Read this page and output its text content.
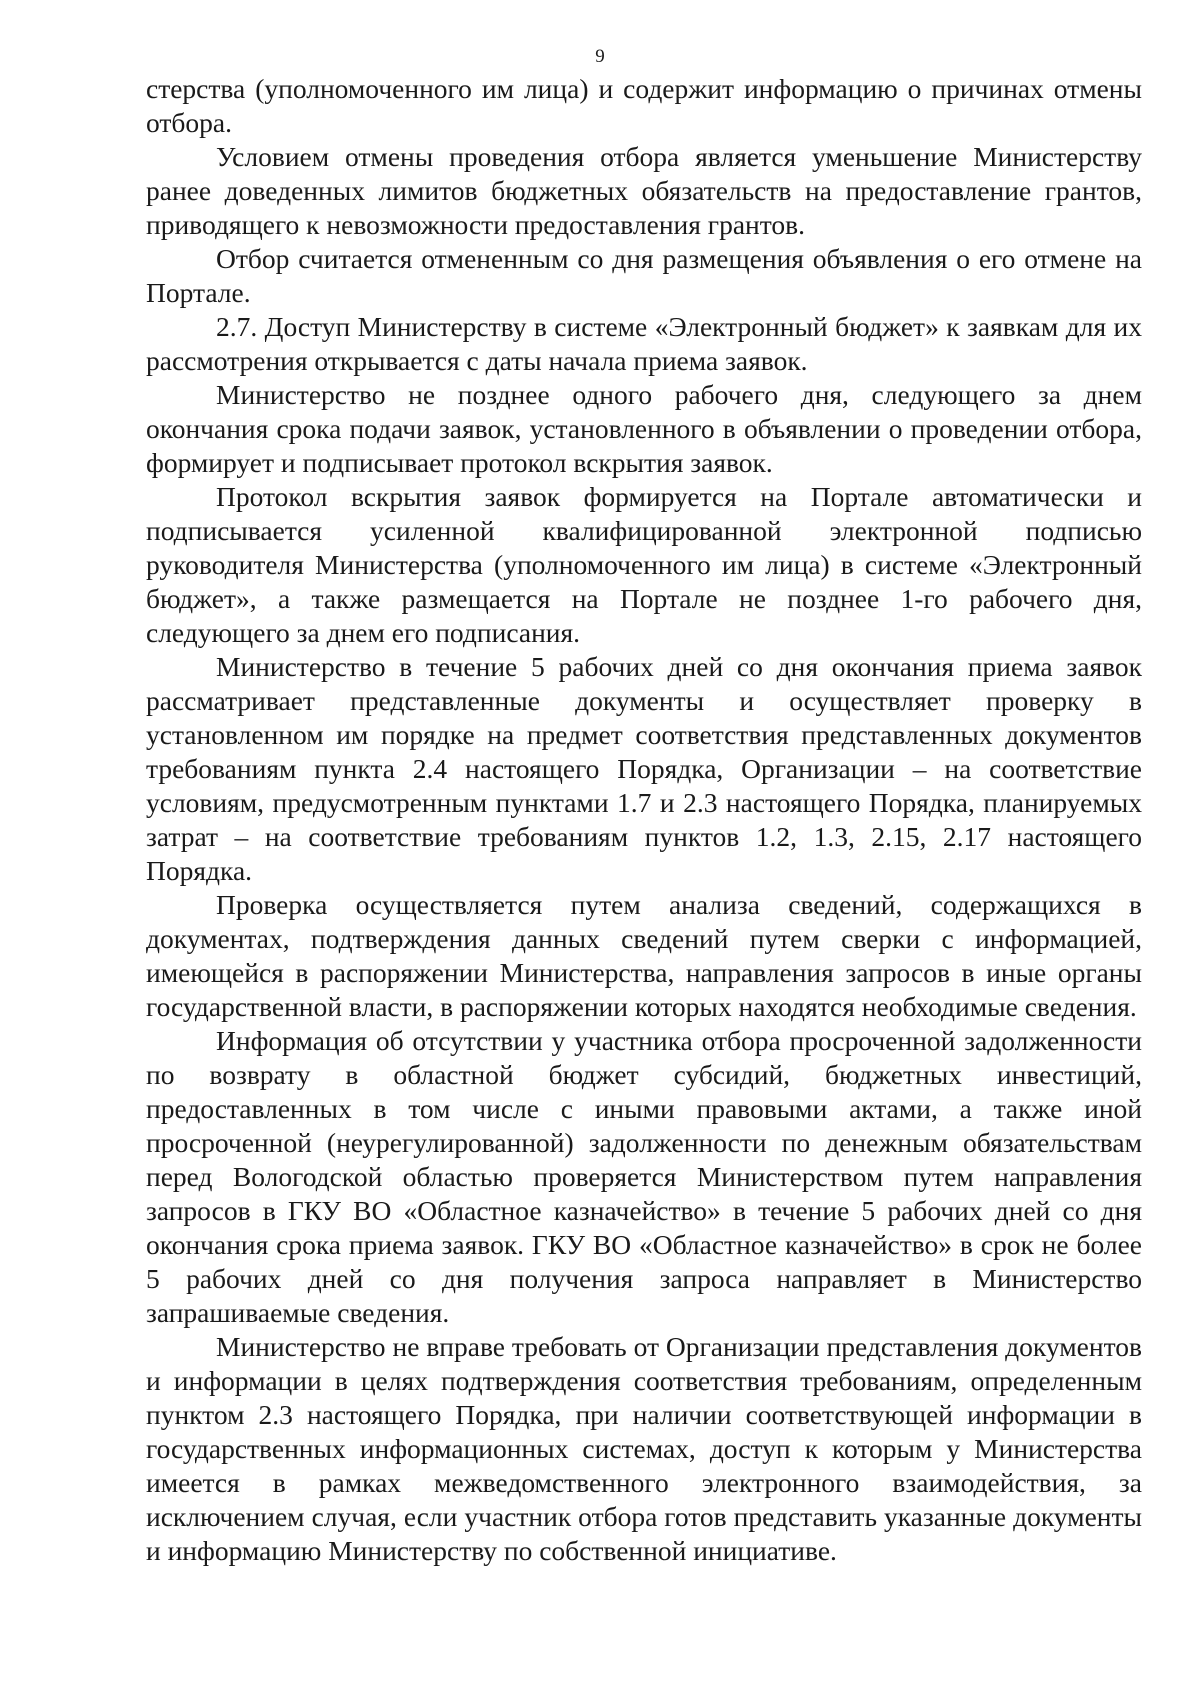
9

стерства (уполномоченного им лица) и содержит информацию о причинах отмены отбора.

Условием отмены проведения отбора является уменьшение Министерству ранее доведенных лимитов бюджетных обязательств на предоставление грантов, приводящего к невозможности предоставления грантов.

Отбор считается отмененным со дня размещения объявления о его отмене на Портале.

2.7. Доступ Министерству в системе «Электронный бюджет» к заявкам для их рассмотрения открывается с даты начала приема заявок.

Министерство не позднее одного рабочего дня, следующего за днем окончания срока подачи заявок, установленного в объявлении о проведении отбора, формирует и подписывает протокол вскрытия заявок.

Протокол вскрытия заявок формируется на Портале автоматически и подписывается усиленной квалифицированной электронной подписью руководителя Министерства (уполномоченного им лица) в системе «Электронный бюджет», а также размещается на Портале не позднее 1-го рабочего дня, следующего за днем его подписания.

Министерство в течение 5 рабочих дней со дня окончания приема заявок рассматривает представленные документы и осуществляет проверку в установленном им порядке на предмет соответствия представленных документов требованиям пункта 2.4 настоящего Порядка, Организации – на соответствие условиям, предусмотренным пунктами 1.7 и 2.3 настоящего Порядка, планируемых затрат – на соответствие требованиям пунктов 1.2, 1.3, 2.15, 2.17 настоящего Порядка.

Проверка осуществляется путем анализа сведений, содержащихся в документах, подтверждения данных сведений путем сверки с информацией, имеющейся в распоряжении Министерства, направления запросов в иные органы государственной власти, в распоряжении которых находятся необходимые сведения.

Информация об отсутствии у участника отбора просроченной задолженности по возврату в областной бюджет субсидий, бюджетных инвестиций, предоставленных в том числе с иными правовыми актами, а также иной просроченной (неурегулированной) задолженности по денежным обязательствам перед Вологодской областью проверяется Министерством путем направления запросов в ГКУ ВО «Областное казначейство» в течение 5 рабочих дней со дня окончания срока приема заявок. ГКУ ВО «Областное казначейство» в срок не более 5 рабочих дней со дня получения запроса направляет в Министерство запрашиваемые сведения.

Министерство не вправе требовать от Организации представления документов и информации в целях подтверждения соответствия требованиям, определенным пунктом 2.3 настоящего Порядка, при наличии соответствующей информации в государственных информационных системах, доступ к которым у Министерства имеется в рамках межведомственного электронного взаимодействия, за исключением случая, если участник отбора готов представить указанные документы и информацию Министерству по собственной инициативе.
